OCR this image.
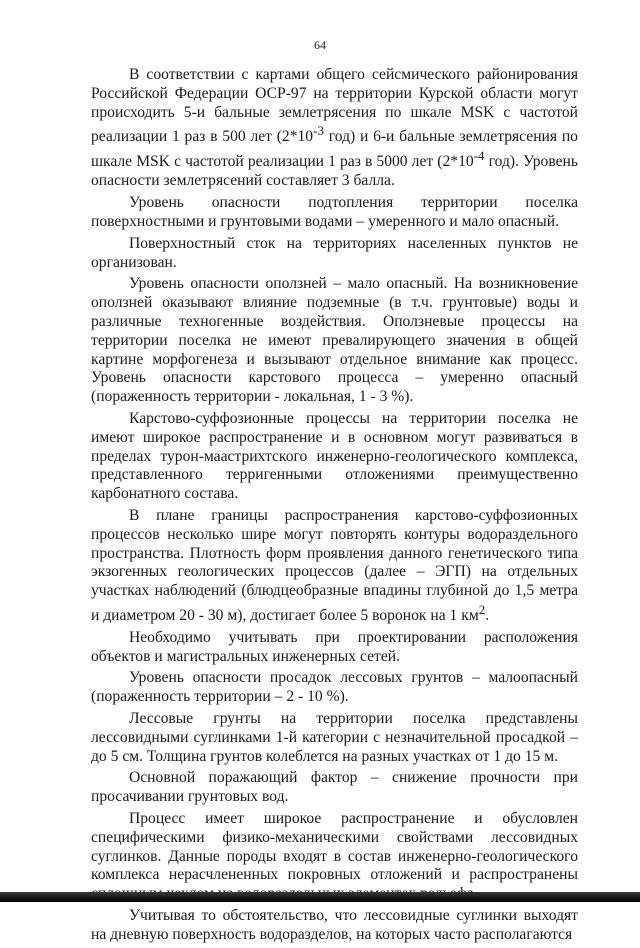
64

В соответствии с картами общего сейсмического районирования Российской Федерации ОСР-97 на территории Курской области могут происходить 5-и бальные землетрясения по шкале MSK с частотой реализации 1 раз в 500 лет ($2*10^{-3}$ год) и 6-и бальные землетрясения по шкале MSK с частотой реализации 1 раз в 5000 лет ($2*10^{-4}$ год). Уровень опасности землетрясений составляет 3 балла.

Уровень опасности подтопления территории поселка поверхностными и грунтовыми водами – умеренного и мало опасный.

Поверхностный сток на территориях населенных пунктов не организован.

Уровень опасности оползней – мало опасный. На возникновение оползней оказывают влияние подземные (в т.ч. грунтовые) воды и различные техногенные воздействия. Оползневые процессы на территории поселка не имеют превалирующего значения в общей картине морфогенеза и вызывают отдельное внимание как процесс. Уровень опасности карстового процесса – умеренно опасный (пораженность территории - локальная, 1 - 3 %).

Карстово-суффозионные процессы на территории поселка не имеют широкое распространение и в основном могут развиваться в пределах турон-маастрихтского инженерно-геологического комплекса, представленного терригенными отложениями преимущественно карбонатного состава.

В плане границы распространения карстово-суффозионных процессов несколько шире могут повторять контуры водораздельного пространства. Плотность форм проявления данного генетического типа экзогенных геологических процессов (далее – ЭГП) на отдельных участках наблюдений (блюдцеобразные впадины глубиной до 1,5 метра и диаметром 20 - 30 м), достигает более 5 воронок на 1 $км^2$.

Необходимо учитывать при проектировании расположения объектов и магистральных инженерных сетей.

Уровень опасности просадок лессовых грунтов – малоопасный (пораженность территории – 2 - 10 %).

Лессовые грунты на территории поселка представлены лессовидными суглинками 1-й категории с незначительной просадкой – до 5 см. Толщина грунтов колеблется на разных участках от 1 до 15 м.

Основной поражающий фактор – снижение прочности при просачивании грунтовых вод.

Процесс имеет широкое распространение и обусловлен специфическими физико-механическими свойствами лессовидных суглинков. Данные породы входят в состав инженерно-геологического комплекса нерасчлененных покровных отложений и распространены

Учитывая то обстоятельство, что лессовидные суглинки выходят на дневную поверхность водоразделов, на которых часто располагаются
